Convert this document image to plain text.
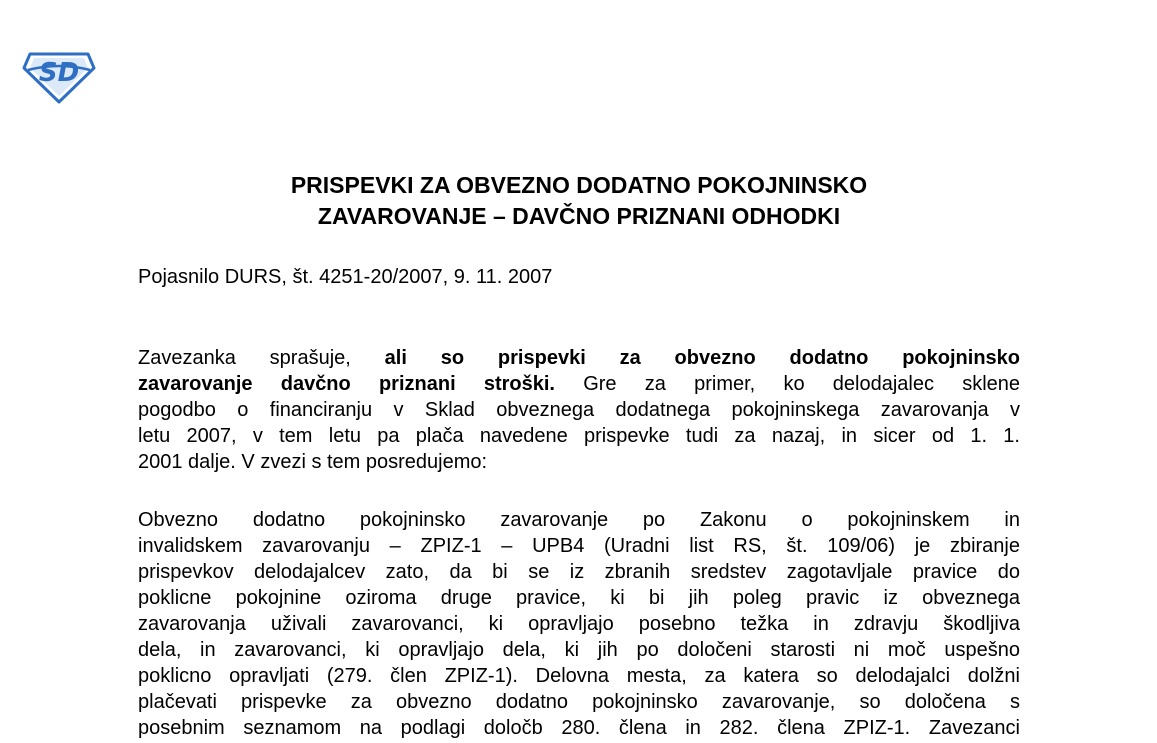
SD
PRISPEVKI ZA OBVEZNO DODATNO POKOJNINSKO
ZAVAROVANJE – DAVČNO PRIZNANI ODHODKI

Pojasnilo DURS, št. 4251-20/2007, 9. 11. 2007

Zavezanka sprašuje, ali so prispevki za obvezno dodatno pokojninsko
zavarovanje davčno priznani stroški. Gre za primer, ko delodajalec sklene
pogodbo o financiranju v Sklad obveznega dodatnega pokojninskega zavarovanja v
letu 2007, v tem letu pa plača navedene prispevke tudi za nazaj, in sicer od 1. 1.
2001 dalje. V zvezi s tem posredujemo:
Obvezno dodatno pokojninsko zavarovanje po Zakonu o pokojninskem in
invalidskem zavarovanju – ZPIZ-1 – UPB4 (Uradni list RS, št. 109/06) je zbiranje
prispevkov delodajalcev zato, da bi se iz zbranih sredstev zagotavljale pravice do
poklicne pokojnine oziroma druge pravice, ki bi jih poleg pravic iz obveznega
zavarovanja uživali zavarovanci, ki opravljajo posebno težka in zdravju škodljiva
dela, in zavarovanci, ki opravljajo dela, ki jih po določeni starosti ni moč uspešno
poklicno opravljati (279. člen ZPIZ-1). Delovna mesta, za katera so delodajalci dolžni
plačevati prispevke za obvezno dodatno pokojninsko zavarovanje, so določena s
posebnim seznamom na podlagi določb 280. člena in 282. člena ZPIZ-1. Zavezanci
